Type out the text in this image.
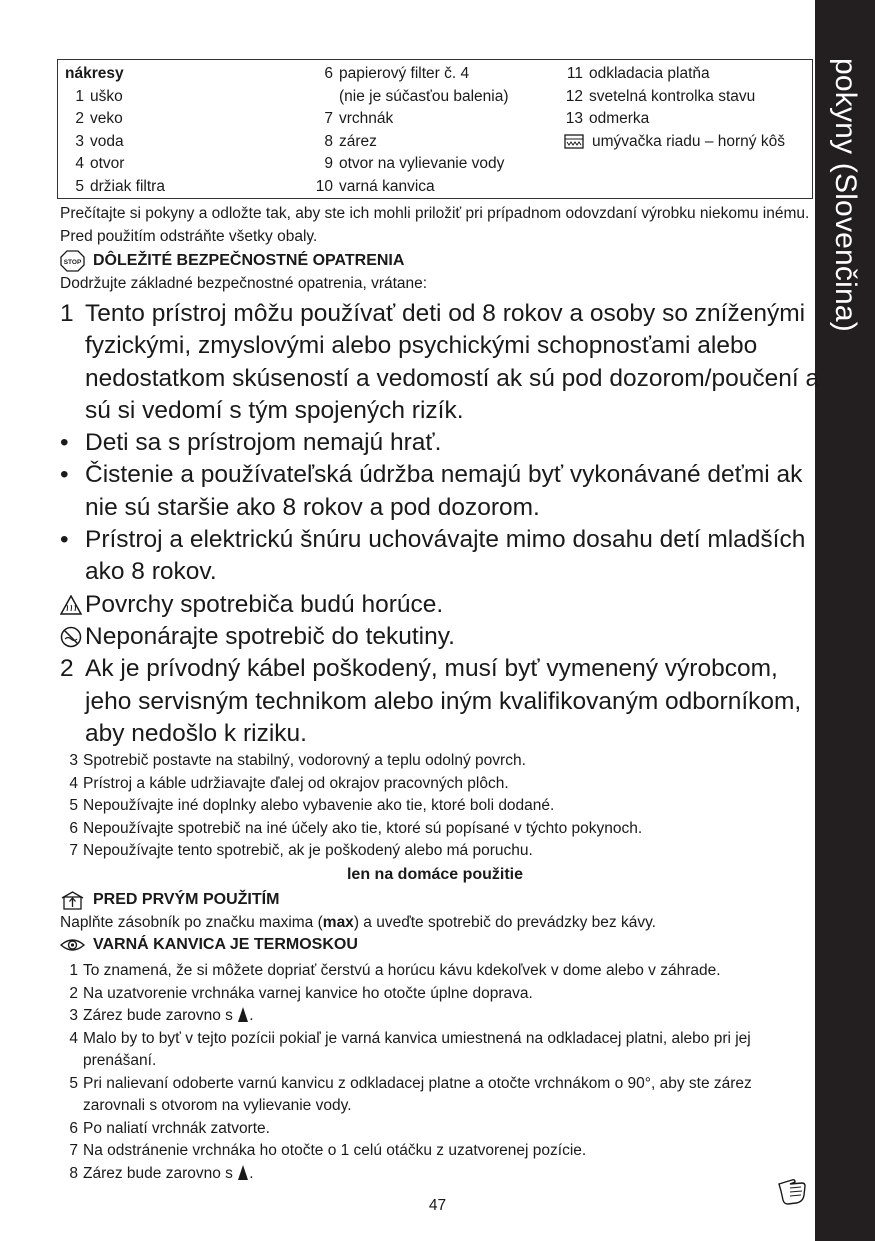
pokyny (Slovenčina)
nákresy
1 uško
2 veko
3 voda
4 otvor
5 držiak filtra
6 papierový filter č. 4
(nie je súčasťou balenia)
7 vrchnák
8 zárez
9 otvor na vylievanie vody
10 varná kanvica
11 odkladacia platňa
12 svetelná kontrolka stavu
13 odmerka
umývačka riadu – horný kôš
Prečítajte si pokyny a odložte tak, aby ste ich mohli priložiť pri prípadnom odovzdaní výrobku niekomu inému. Pred použitím odstráňte všetky obaly.
STOP DÔLEŽITÉ BEZPEČNOSTNÉ OPATRENIA
Dodržujte základné bezpečnostné opatrenia, vrátane:
1 Tento prístroj môžu používať deti od 8 rokov a osoby so zníženými fyzickými, zmyslovými alebo psychickými schopnosťami alebo nedostatkom skúseností a vedomostí ak sú pod dozorom/poučení a sú si vedomí s tým spojených rizík.
• Deti sa s prístrojom nemajú hrať.
• Čistenie a používateľská údržba nemajú byť vykonávané deťmi ak nie sú staršie ako 8 rokov a pod dozorom.
• Prístroj a elektrickú šnúru uchovávajte mimo dosahu detí mladších ako 8 rokov.
Povrchy spotrebiča budú horúce.
Neponárajte spotrebič do tekutiny.
2 Ak je prívodný kábel poškodený, musí byť vymenený výrobcom, jeho servisným technikom alebo iným kvalifikovaným odborníkom, aby nedošlo k riziku.
3 Spotrebič postavte na stabilný, vodorovný a teplu odolný povrch.
4 Prístroj a káble udržiavajte ďalej od okrajov pracovných plôch.
5 Nepoužívajte iné doplnky alebo vybavenie ako tie, ktoré boli dodané.
6 Nepoužívajte spotrebič na iné účely ako tie, ktoré sú popísané v týchto pokynoch.
7 Nepoužívajte tento spotrebič, ak je poškodený alebo má poruchu.
len na domáce použitie
PRED PRVÝM POUŽITÍM
Naplňte zásobník po značku maxima (max) a uveďte spotrebič do prevádzky bez kávy.
VARNÁ KANVICA JE TERMOSKOU
1 To znamená, že si môžete dopriať čerstvú a horúcu kávu kdekoľvek v dome alebo v záhrade.
2 Na uzatvorenie vrchnáka varnej kanvice ho otočte úplne doprava.
3 Zárez bude zarovno s .
4 Malo by to byť v tejto pozícii pokiaľ je varná kanvica umiestnená na odkladacej platni, alebo pri jej prenášaní.
5 Pri nalievaní odoberte varnú kanvicu z odkladacej platne a otočte vrchnákom o 90°, aby ste zárez zarovnali s otvorom na vylievanie vody.
6 Po naliatí vrchnák zatvorte.
7 Na odstránenie vrchnáka ho otočte o 1 celú otáčku z uzatvorenej pozície.
8 Zárez bude zarovno s .
47
